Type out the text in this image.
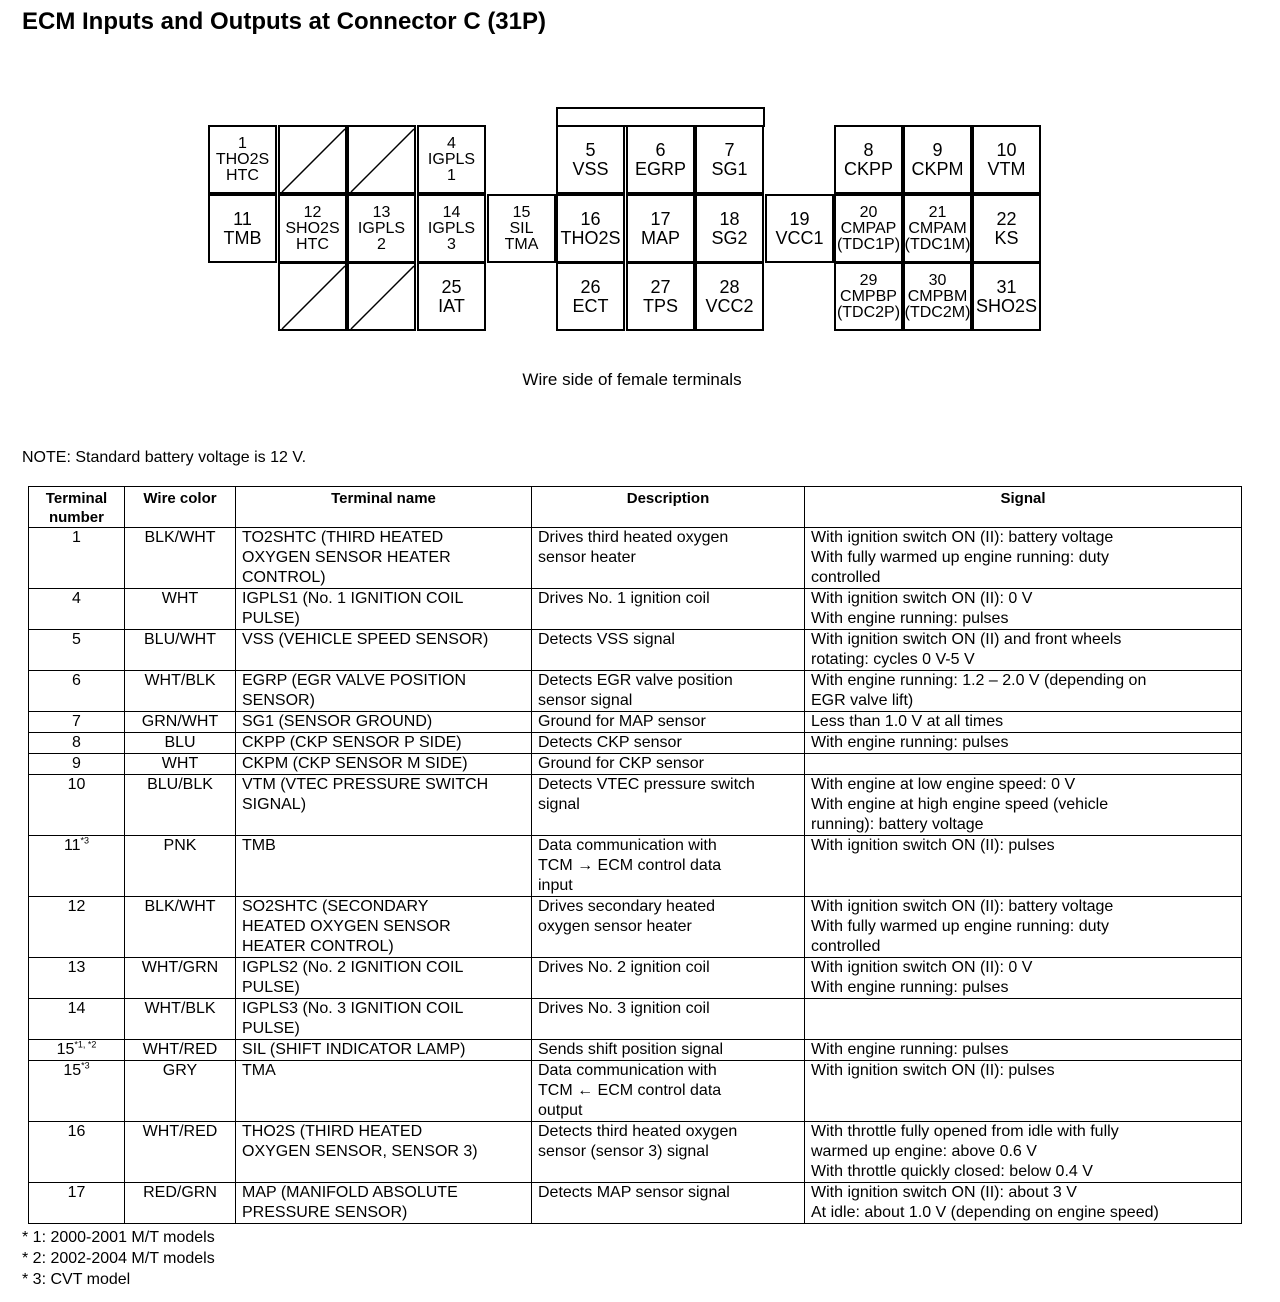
ECM Inputs and Outputs at Connector C (31P)
1
THO2S
HTC
4
IGPLS
1
5
VSS
6
EGRP
7
SG1
8
CKPP
9
CKPM
10
VTM
11
TMB
12
SHO2S
HTC
13
IGPLS
2
14
IGPLS
3
15
SIL
TMA
16
THO2S
17
MAP
18
SG2
19
VCC1
20
CMPAP
(TDC1P)
21
CMPAM
(TDC1M)
22
KS
25
IAT
26
ECT
27
TPS
28
VCC2
29
CMPBP
(TDC2P)
30
CMPBM
(TDC2M)
31
SHO2S
Wire side of female terminals
NOTE: Standard battery voltage is 12 V.
Terminal number	Wire color	Terminal name	Description	Signal
1	BLK/WHT	TO2SHTC (THIRD HEATED
OXYGEN SENSOR HEATER
CONTROL)	Drives third heated oxygen
sensor heater	With ignition switch ON (II): battery voltage
With fully warmed up engine running: duty
controlled

4	WHT	IGPLS1 (No. 1 IGNITION COIL
PULSE)	Drives No. 1 ignition coil	With ignition switch ON (II): 0 V
With engine running: pulses

5	BLU/WHT	VSS (VEHICLE SPEED SENSOR)	Detects VSS signal	With ignition switch ON (II) and front wheels
rotating: cycles 0 V-5 V

6	WHT/BLK	EGRP (EGR VALVE POSITION
SENSOR)	Detects EGR valve position
sensor signal	With engine running: 1.2 – 2.0 V (depending on
EGR valve lift)

7	GRN/WHT	SG1 (SENSOR GROUND)	Ground for MAP sensor	Less than 1.0 V at all times

8	BLU	CKPP (CKP SENSOR P SIDE)	Detects CKP sensor	With engine running: pulses

9	WHT	CKPM (CKP SENSOR M SIDE)	Ground for CKP sensor	

10	BLU/BLK	VTM (VTEC PRESSURE SWITCH
SIGNAL)	Detects VTEC pressure switch
signal	With engine at low engine speed: 0 V
With engine at high engine speed (vehicle
running): battery voltage

11$^{*3}$	PNK	TMB	Data communication with
TCM → ECM control data
input	With ignition switch ON (II): pulses

12	BLK/WHT	SO2SHTC (SECONDARY
HEATED OXYGEN SENSOR
HEATER CONTROL)	Drives secondary heated
oxygen sensor heater	With ignition switch ON (II): battery voltage
With fully warmed up engine running: duty
controlled

13	WHT/GRN	IGPLS2 (No. 2 IGNITION COIL
PULSE)	Drives No. 2 ignition coil	With ignition switch ON (II): 0 V
With engine running: pulses

14	WHT/BLK	IGPLS3 (No. 3 IGNITION COIL
PULSE)	Drives No. 3 ignition coil	

$15^{*1, *2}$	WHT/RED	SIL (SHIFT INDICATOR LAMP)	Sends shift position signal	With engine running: pulses

15$^{*3}$	GRY	TMA	Data communication with
TCM ← ECM control data
output	With ignition switch ON (II): pulses

16	WHT/RED	THO2S (THIRD HEATED
OXYGEN SENSOR, SENSOR 3)	Detects third heated oxygen
sensor (sensor 3) signal	With throttle fully opened from idle with fully
warmed up engine: above 0.6 V
With throttle quickly closed: below 0.4 V

17	RED/GRN	MAP (MANIFOLD ABSOLUTE
PRESSURE SENSOR)	Detects MAP sensor signal	With ignition switch ON (II): about 3 V
At idle: about 1.0 V (depending on engine speed)
* 1: 2000-2001 M/T models
* 2: 2002-2004 M/T models
* 3: CVT model
